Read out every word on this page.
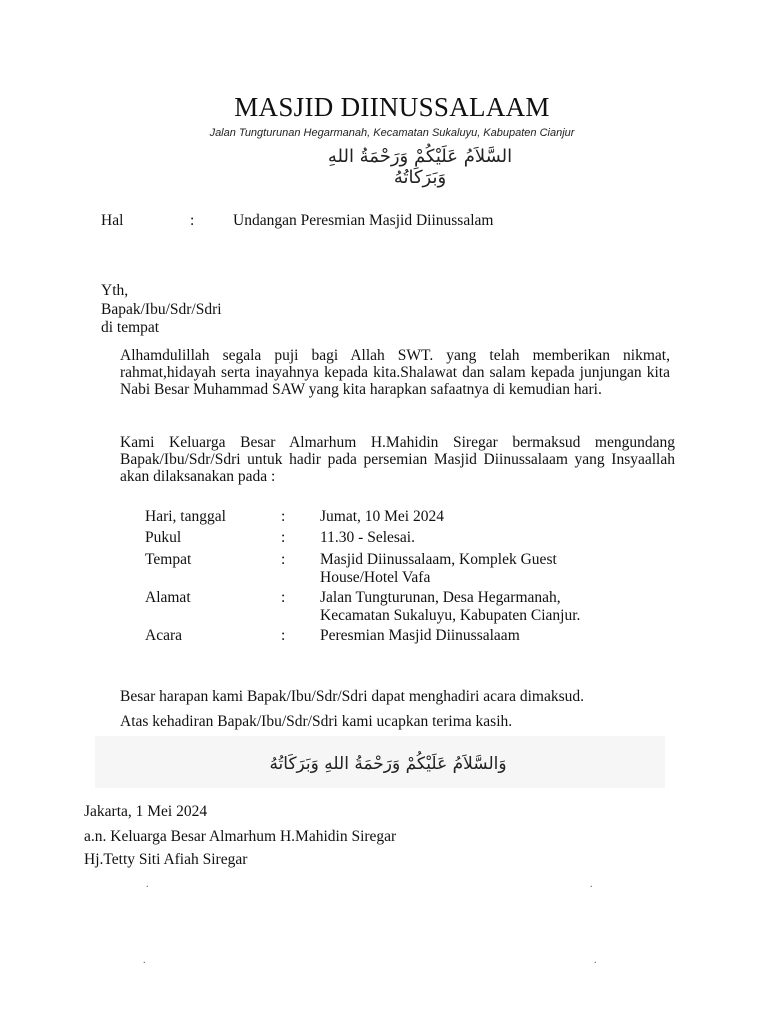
MASJID DIINUSSALAAM
Jalan Tungturunan Hegarmanah, Kecamatan Sukaluyu, Kabupaten Cianjur
السَّلاَمُ عَلَيْكُمْ وَرَحْمَةُ اللهِ وَبَرَكَاتُهُ
Hal	: Undangan Peresmian Masjid Diinussalam
Yth,
Bapak/Ibu/Sdr/Sdri
di tempat
Alhamdulillah segala puji bagi Allah SWT. yang telah memberikan nikmat, rahmat,hidayah serta inayahnya kepada kita.Shalawat dan salam kepada junjungan kita Nabi Besar Muhammad SAW yang kita harapkan safaatnya di kemudian hari.
Kami Keluarga Besar Almarhum H.Mahidin Siregar bermaksud mengundang Bapak/Ibu/Sdr/Sdri untuk hadir pada persemian Masjid Diinussalaam yang Insyaallah akan dilaksanakan pada :
Hari, tanggal	: Jumat, 10 Mei 2024
Pukul	: 11.30 - Selesai.
Tempat	: Masjid Diinussalaam, Komplek Guest
House/Hotel Vafa
Alamat	: Jalan Tungturunan, Desa Hegarmanah,
Kecamatan Sukaluyu, Kabupaten Cianjur.
Acara	: Peresmian Masjid Diinussalaam
Besar harapan kami Bapak/Ibu/Sdr/Sdri dapat menghadiri acara dimaksud.
Atas kehadiran Bapak/Ibu/Sdr/Sdri kami ucapkan terima kasih.
وَالسَّلاَمُ عَلَيْكُمْ وَرَحْمَةُ اللهِ وَبَرَكَاتُهُ
Jakarta, 1 Mei 2024
a.n. Keluarga Besar Almarhum H.Mahidin Siregar
Hj.Tetty Siti Afiah Siregar
.	.
.	.
